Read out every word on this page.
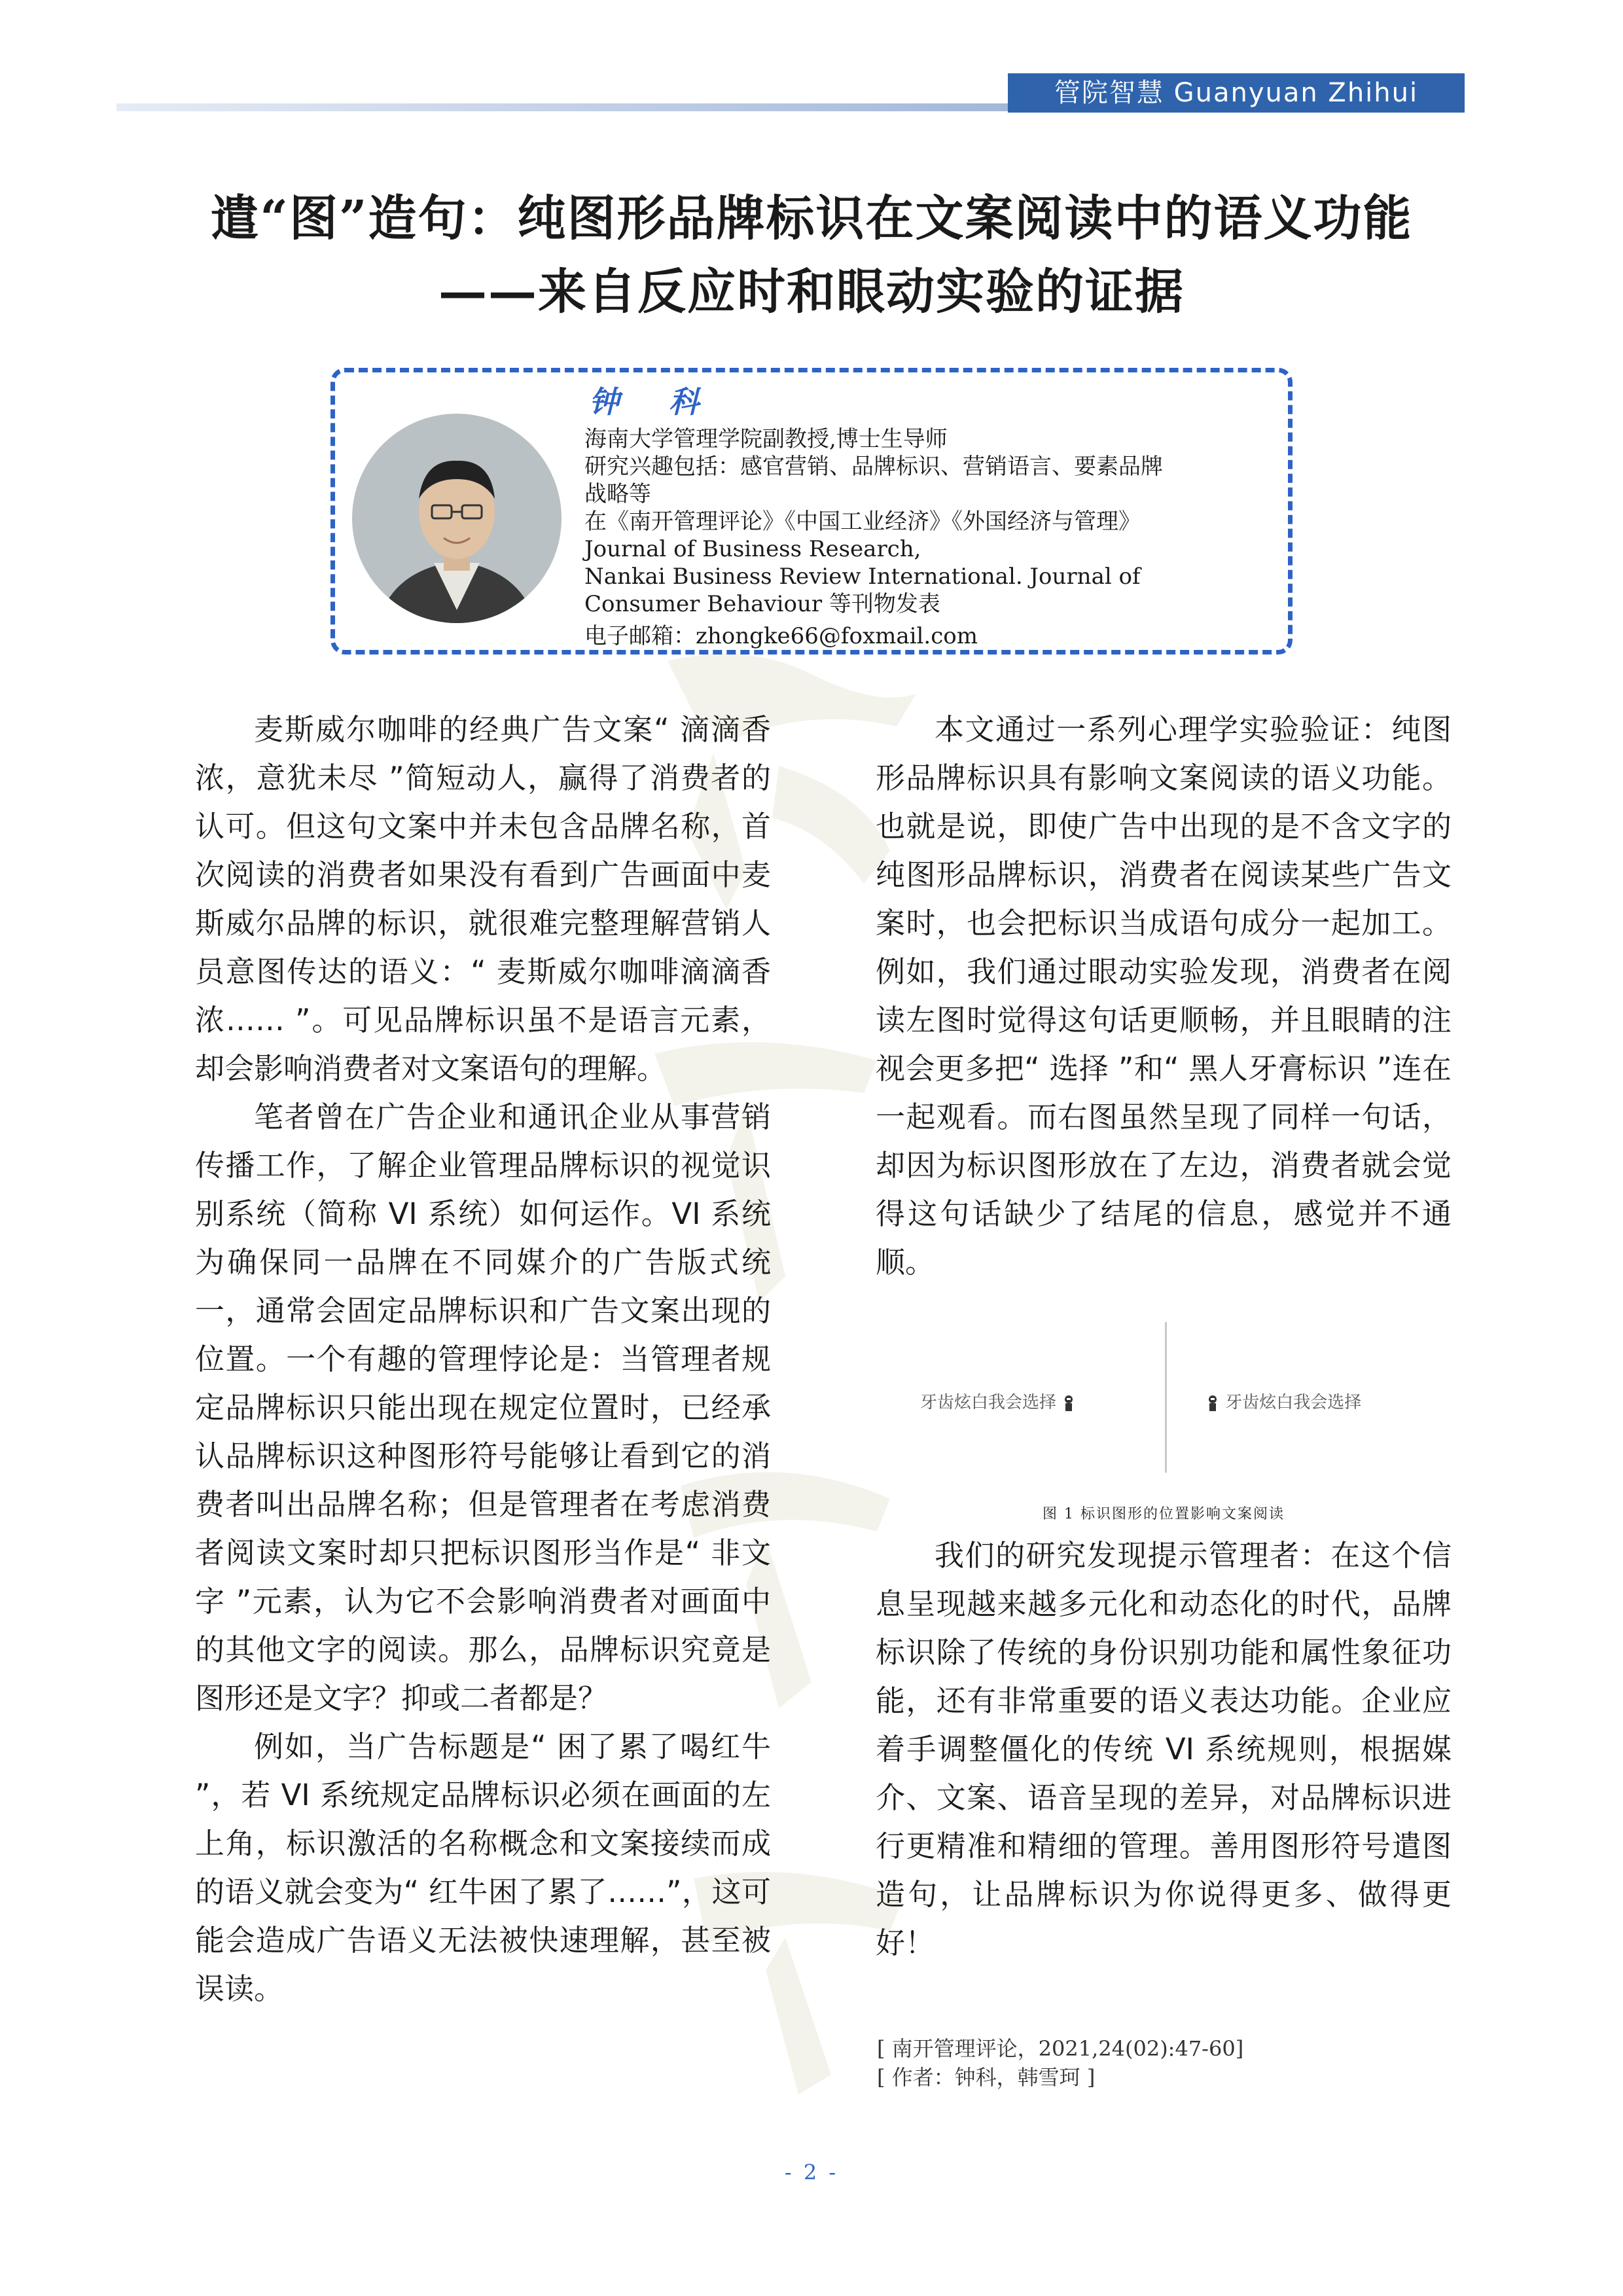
管院智慧 Guanyuan Zhihui
遣“图”造句：纯图形品牌标识在文案阅读中的语义功能
——来自反应时和眼动实验的证据
钟 科
海南大学管理学院副教授,博士生导师
研究兴趣包括：感官营销、品牌标识、营销语言、要素品牌
战略等
在《南开管理评论》《中国工业经济》《外国经济与管理》
Journal of Business Research,
Nankai Business Review International. Journal of
Consumer Behaviour 等刊物发表
电子邮箱：zhongke66@foxmail.com

麦斯威尔咖啡的经典广告文案“ 滴滴香浓，意犹未尽 ”简短动人，赢得了消费者的认可。但这句文案中并未包含品牌名称，首次阅读的消费者如果没有看到广告画面中麦斯威尔品牌的标识，就很难完整理解营销人员意图传达的语义：“ 麦斯威尔咖啡滴滴香浓…… ”。可见品牌标识虽不是语言元素，却会影响消费者对文案语句的理解。

笔者曾在广告企业和通讯企业从事营销传播工作，了解企业管理品牌标识的视觉识别系统（简称 VI 系统）如何运作。VI 系统为确保同一品牌在不同媒介的广告版式统一，通常会固定品牌标识和广告文案出现的位置。一个有趣的管理悖论是：当管理者规定品牌标识只能出现在规定位置时，已经承认品牌标识这种图形符号能够让看到它的消费者叫出品牌名称；但是管理者在考虑消费者阅读文案时却只把标识图形当作是“ 非文字 ”元素，认为它不会影响消费者对画面中的其他文字的阅读。那么，品牌标识究竟是图形还是文字？抑或二者都是？

例如，当广告标题是“ 困了累了喝红牛 ”，若 VI 系统规定品牌标识必须在画面的左上角，标识激活的名称概念和文案接续而成的语义就会变为“ 红牛困了累了……”，这可能会造成广告语义无法被快速理解，甚至被误读。

本文通过一系列心理学实验验证：纯图形品牌标识具有影响文案阅读的语义功能。也就是说，即使广告中出现的是不含文字的纯图形品牌标识，消费者在阅读某些广告文案时，也会把标识当成语句成分一起加工。例如，我们通过眼动实验发现，消费者在阅读左图时觉得这句话更顺畅，并且眼睛的注视会更多把“ 选择 ”和“ 黑人牙膏标识 ”连在一起观看。而右图虽然呈现了同样一句话，却因为标识图形放在了左边，消费者就会觉得这句话缺少了结尾的信息，感觉并不通顺。

牙齿炫白我会选择	牙齿炫白我会选择
图 1 标识图形的位置影响文案阅读

我们的研究发现提示管理者：在这个信息呈现越来越多元化和动态化的时代，品牌标识除了传统的身份识别功能和属性象征功能，还有非常重要的语义表达功能。企业应着手调整僵化的传统 VI 系统规则，根据媒介、文案、语音呈现的差异，对品牌标识进行更精准和精细的管理。善用图形符号遣图造句，让品牌标识为你说得更多、做得更好！

[ 南开管理评论，2021,24(02):47-60]
[ 作者：钟科，韩雪珂 ]
- 2 -
